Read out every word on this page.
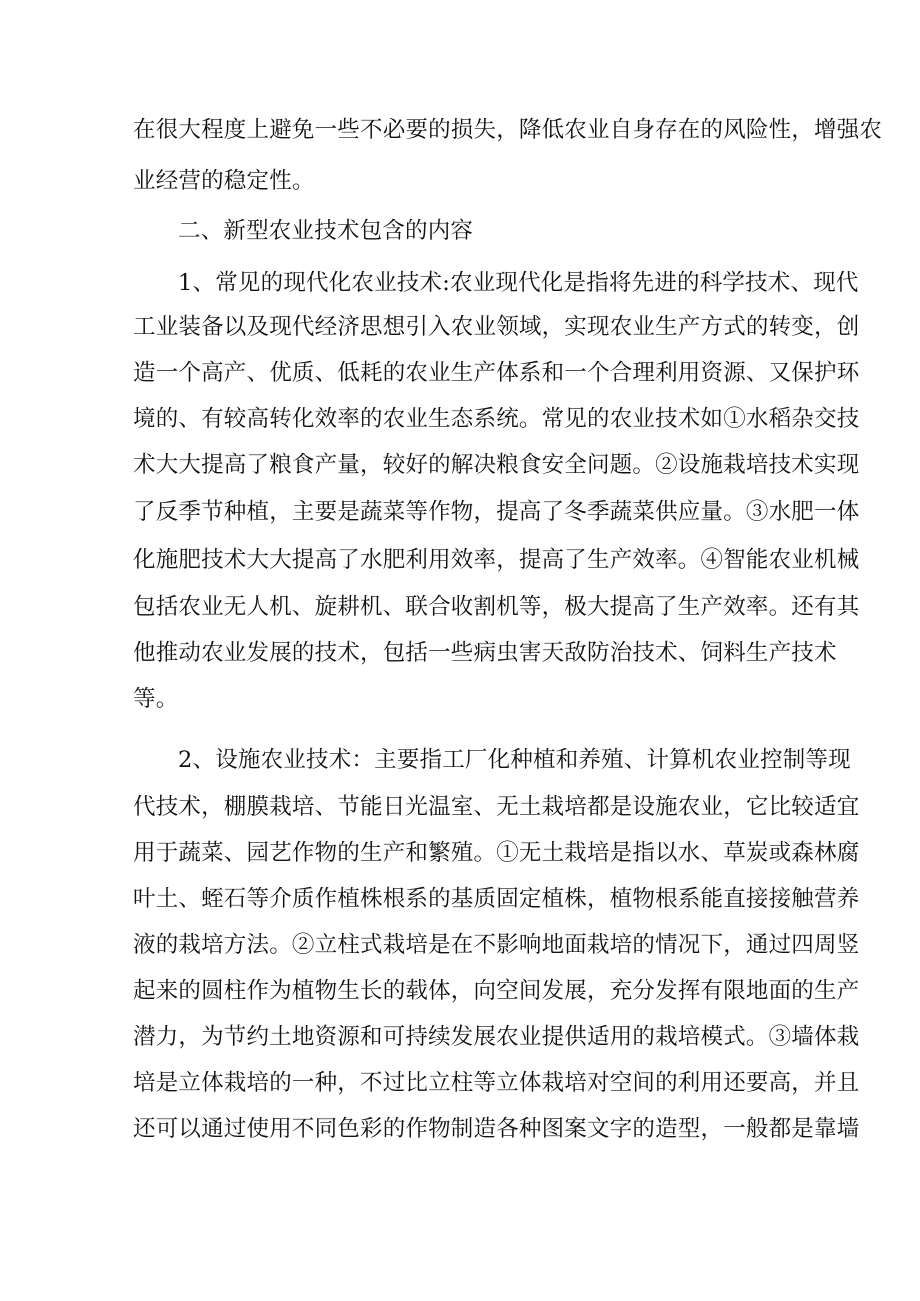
在很大程度上避免一些不必要的损失，降低农业自身存在的风险性，增强农
业经营的稳定性。
二、新型农业技术包含的内容
1、常见的现代化农业技术:农业现代化是指将先进的科学技术、现代
工业装备以及现代经济思想引入农业领域，实现农业生产方式的转变，创
造一个高产、优质、低耗的农业生产体系和一个合理利用资源、又保护环
境的、有较高转化效率的农业生态系统。常见的农业技术如①水稻杂交技
术大大提高了粮食产量，较好的解决粮食安全问题。②设施栽培技术实现
了反季节种植，主要是蔬菜等作物，提高了冬季蔬菜供应量。③水肥一体
化施肥技术大大提高了水肥利用效率，提高了生产效率。④智能农业机械
包括农业无人机、旋耕机、联合收割机等，极大提高了生产效率。还有其
他推动农业发展的技术，包括一些病虫害天敌防治技术、饲料生产技术
等。
2、设施农业技术：主要指工厂化种植和养殖、计算机农业控制等现
代技术，棚膜栽培、节能日光温室、无土栽培都是设施农业，它比较适宜
用于蔬菜、园艺作物的生产和繁殖。①无土栽培是指以水、草炭或森林腐
叶土、蛭石等介质作植株根系的基质固定植株，植物根系能直接接触营养
液的栽培方法。②立柱式栽培是在不影响地面栽培的情况下，通过四周竖
起来的圆柱作为植物生长的载体，向空间发展，充分发挥有限地面的生产
潜力，为节约土地资源和可持续发展农业提供适用的栽培模式。③墙体栽
培是立体栽培的一种，不过比立柱等立体栽培对空间的利用还要高，并且
还可以通过使用不同色彩的作物制造各种图案文字的造型，一般都是靠墙
